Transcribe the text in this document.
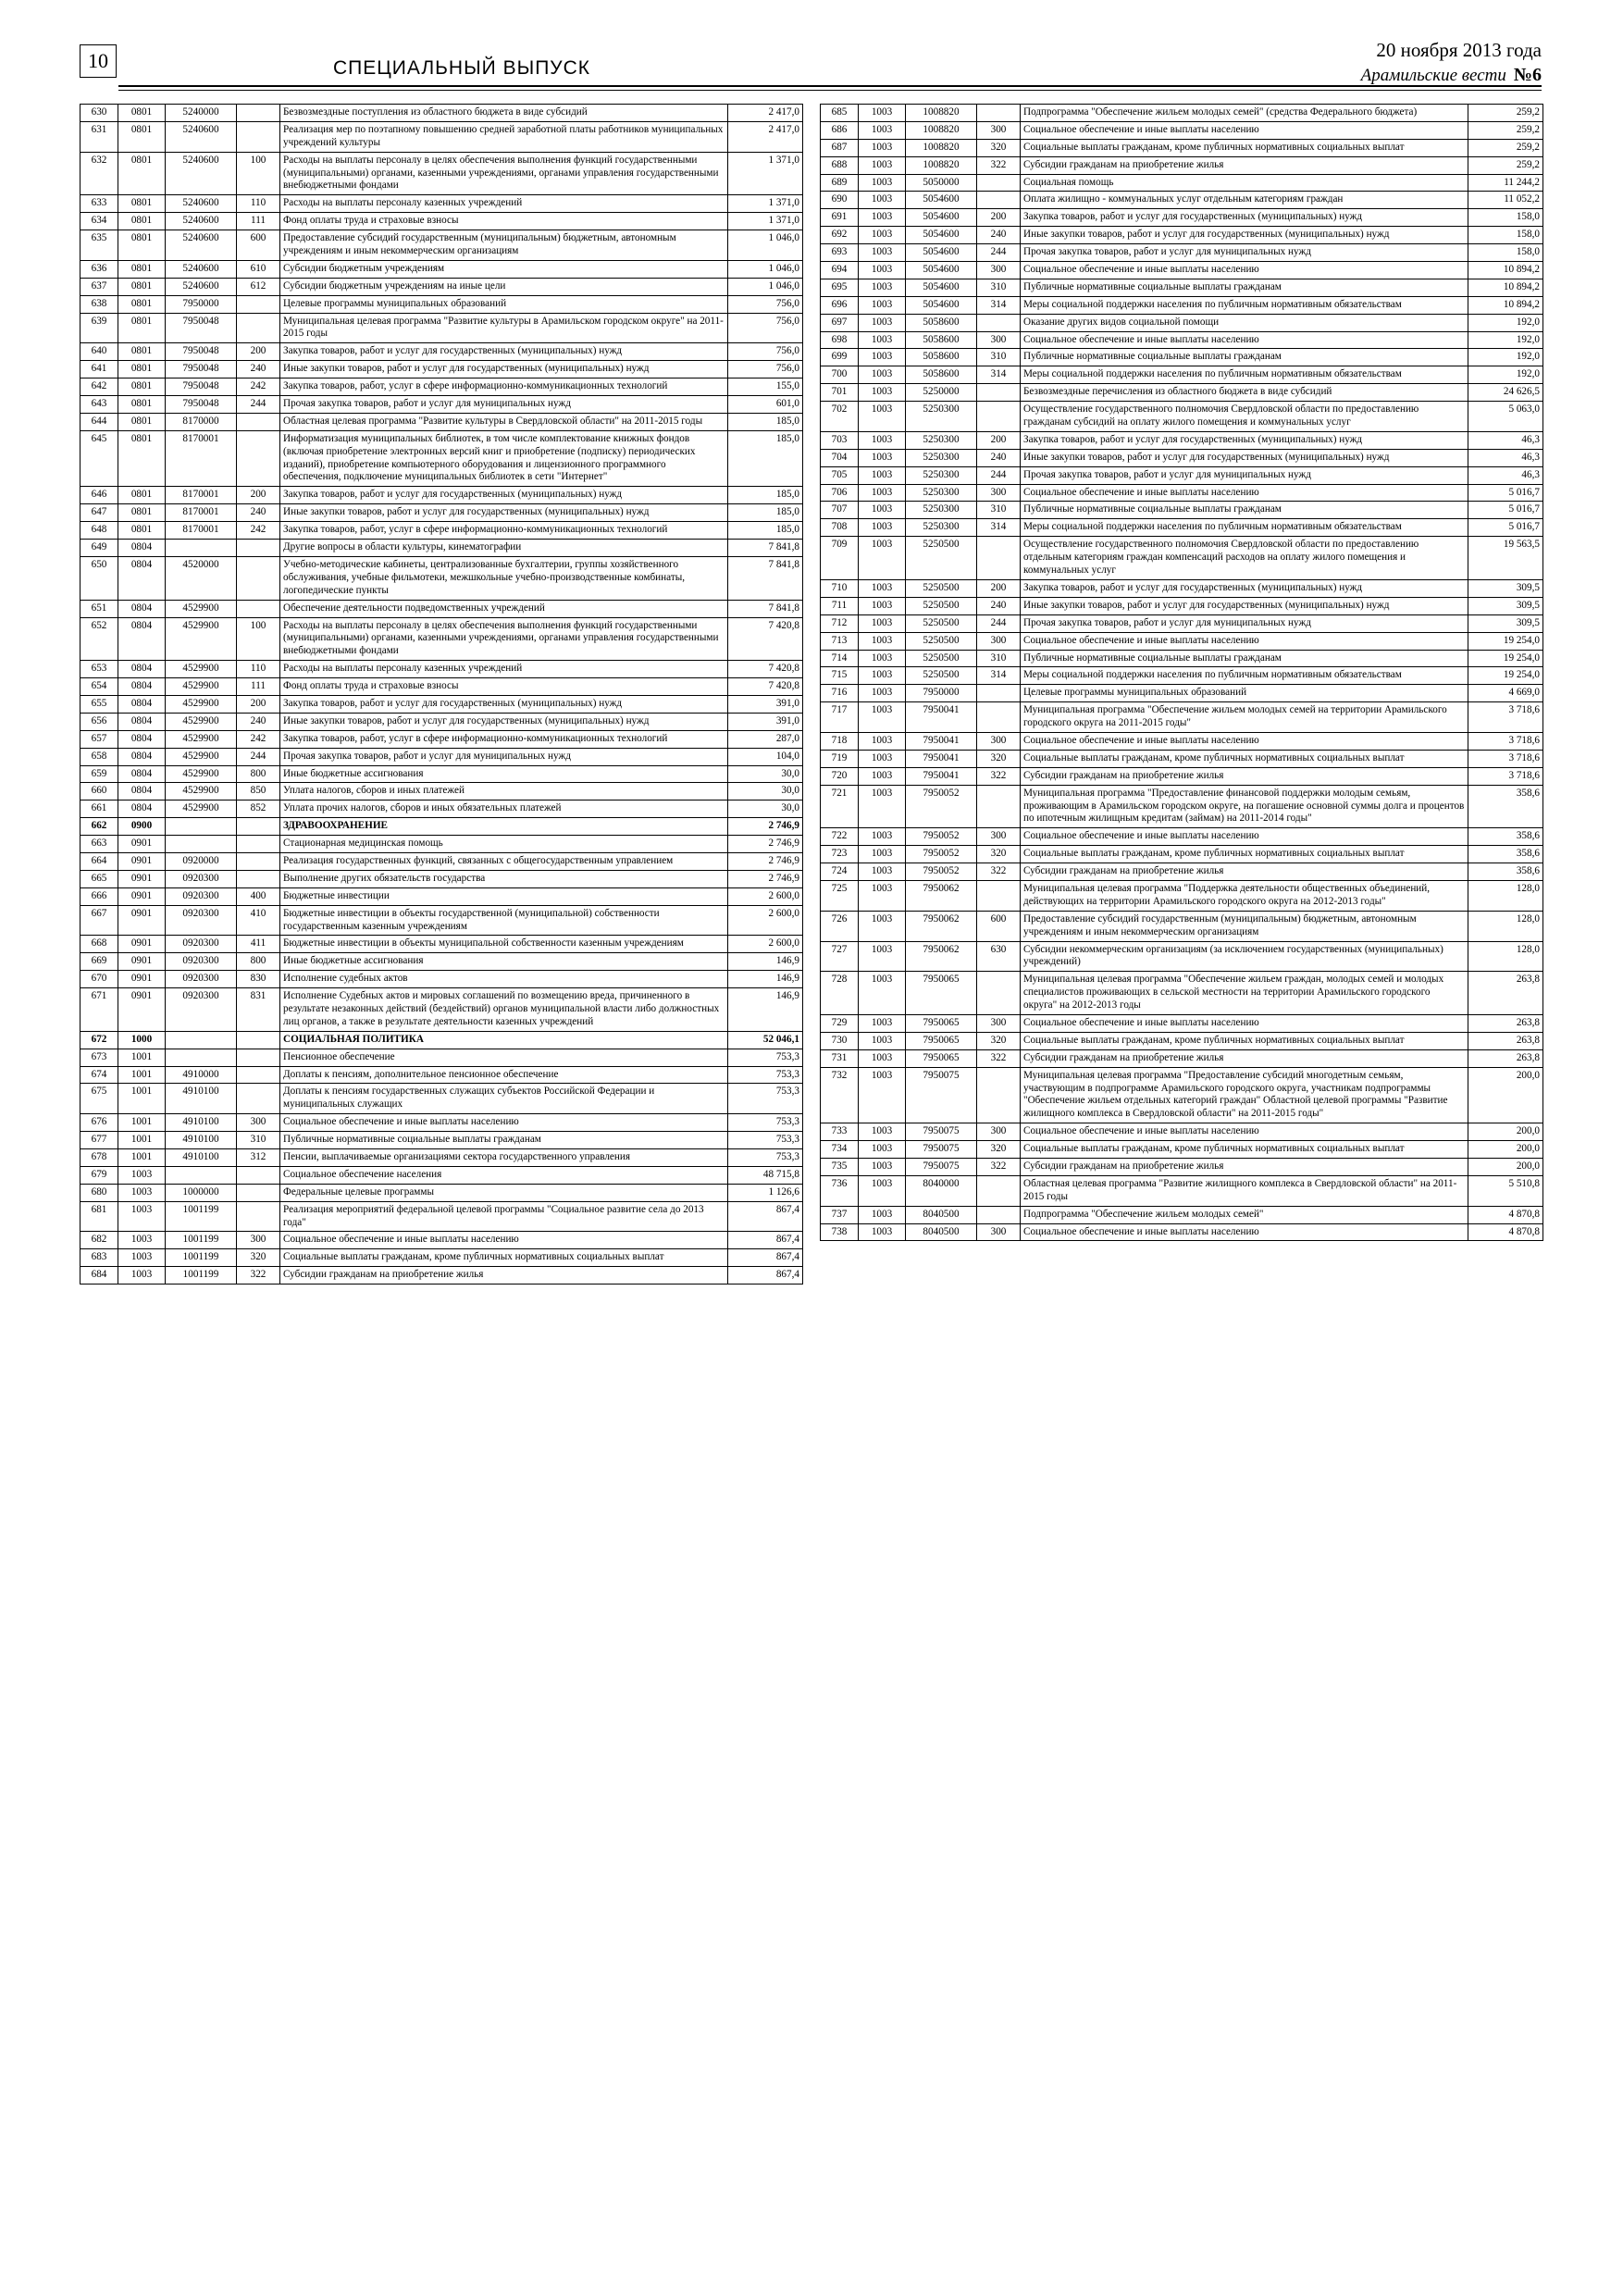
10	СПЕЦИАЛЬНЫЙ ВЫПУСК
20 ноября 2013 года
Арамильские вести №6
630	0801	5240000		Безвозмездные поступления из областного бюджета в виде субсидий	2 417,0
631	0801	5240600		Реализация мер по поэтапному повышению средней заработной платы работников муниципальных учреждений культуры	2 417,0
632	0801	5240600	100	Расходы на выплаты персоналу в целях обеспечения выполнения функций государственными (муниципальными) органами, казенными учреждениями, органами управления государственными внебюджетными фондами	1 371,0
633	0801	5240600	110	Расходы на выплаты персоналу казенных учреждений	1 371,0
634	0801	5240600	111	Фонд оплаты труда и страховые взносы	1 371,0
635	0801	5240600	600	Предоставление субсидий государственным (муниципальным) бюджетным, автономным учреждениям и иным некоммерческим организациям	1 046,0
636	0801	5240600	610	Субсидии бюджетным учреждениям	1 046,0
637	0801	5240600	612	Субсидии бюджетным учреждениям на иные цели	1 046,0
638	0801	7950000		Целевые программы муниципальных образований	756,0
639	0801	7950048		Муниципальная целевая программа "Развитие культуры в Арамильском городском округе" на 2011-2015 годы	756,0
640	0801	7950048	200	Закупка товаров, работ и услуг для государственных (муниципальных) нужд	756,0
641	0801	7950048	240	Иные закупки товаров, работ и услуг для государственных (муниципальных) нужд	756,0
642	0801	7950048	242	Закупка товаров, работ, услуг в сфере информационно-коммуникационных технологий	155,0
643	0801	7950048	244	Прочая закупка товаров, работ и услуг для муниципальных нужд	601,0
644	0801	8170000		Областная целевая программа "Развитие культуры в Свердловской области" на 2011-2015 годы	185,0
645	0801	8170001		Информатизация муниципальных библиотек, в том числе комплектование книжных фондов (включая приобретение электронных версий книг и приобретение (подписку) периодических изданий), приобретение компьютерного оборудования и лицензионного программного обеспечения, подключение муниципальных библиотек в сети "Интернет"	185,0
646	0801	8170001	200	Закупка товаров, работ и услуг для государственных (муниципальных) нужд	185,0
647	0801	8170001	240	Иные закупки товаров, работ и услуг для государственных (муниципальных) нужд	185,0
648	0801	8170001	242	Закупка товаров, работ, услуг в сфере информационно-коммуникационных технологий	185,0
649	0804			Другие вопросы в области культуры, кинематографии	7 841,8
650	0804	4520000		Учебно-методические кабинеты, централизованные бухгалтерии, группы хозяйственного обслуживания, учебные фильмотеки, межшкольные учебно-производственные комбинаты, логопедические пункты	7 841,8
651	0804	4529900		Обеспечение деятельности подведомственных учреждений	7 841,8
652	0804	4529900	100	Расходы на выплаты персоналу в целях обеспечения выполнения функций государственными (муниципальными) органами, казенными учреждениями, органами управления государственными внебюджетными фондами	7 420,8
653	0804	4529900	110	Расходы на выплаты персоналу казенных учреждений	7 420,8
654	0804	4529900	111	Фонд оплаты труда и страховые взносы	7 420,8
655	0804	4529900	200	Закупка товаров, работ и услуг для государственных (муниципальных) нужд	391,0
656	0804	4529900	240	Иные закупки товаров, работ и услуг для государственных (муниципальных) нужд	391,0
657	0804	4529900	242	Закупка товаров, работ, услуг в сфере информационно-коммуникационных технологий	287,0
658	0804	4529900	244	Прочая закупка товаров, работ и услуг для муниципальных нужд	104,0
659	0804	4529900	800	Иные бюджетные ассигнования	30,0
660	0804	4529900	850	Уплата налогов, сборов и иных платежей	30,0
661	0804	4529900	852	Уплата прочих налогов, сборов и иных обязательных платежей	30,0
662	0900			ЗДРАВООХРАНЕНИЕ	2 746,9
663	0901			Стационарная медицинская помощь	2 746,9
664	0901	0920000		Реализация государственных функций, связанных с общегосударственным управлением	2 746,9
665	0901	0920300		Выполнение других обязательств государства	2 746,9
666	0901	0920300	400	Бюджетные инвестиции	2 600,0
667	0901	0920300	410	Бюджетные инвестиции в объекты государственной (муниципальной) собственности государственным казенным учреждениям	2 600,0
668	0901	0920300	411	Бюджетные инвестиции в объекты муниципальной собственности казенным учреждениям	2 600,0
669	0901	0920300	800	Иные бюджетные ассигнования	146,9
670	0901	0920300	830	Исполнение судебных актов	146,9
671	0901	0920300	831	Исполнение Судебных актов и мировых соглашений по возмещению вреда, причиненного в результате незаконных действий (бездействий) органов муниципальной власти либо должностных лиц органов, а также в результате деятельности казенных учреждений	146,9
672	1000			СОЦИАЛЬНАЯ ПОЛИТИКА	52 046,1
673	1001			Пенсионное обеспечение	753,3
674	1001	4910000		Доплаты к пенсиям, дополнительное пенсионное обеспечение	753,3
675	1001	4910100		Доплаты к пенсиям государственных служащих субъектов Российской Федерации и муниципальных служащих	753,3
676	1001	4910100	300	Социальное обеспечение и иные выплаты населению	753,3
677	1001	4910100	310	Публичные нормативные социальные выплаты гражданам	753,3
678	1001	4910100	312	Пенсии, выплачиваемые организациями сектора государственного управления	753,3
679	1003			Социальное обеспечение населения	48 715,8
680	1003	1000000		Федеральные целевые программы	1 126,6
681	1003	1001199		Реализация мероприятий федеральной целевой программы "Социальное развитие села до 2013 года"	867,4
682	1003	1001199	300	Социальное обеспечение и иные выплаты населению	867,4
683	1003	1001199	320	Социальные выплаты гражданам, кроме публичных нормативных социальных выплат	867,4
684	1003	1001199	322	Субсидии гражданам на приобретение жилья	867,4
685	1003	1008820		Подпрограмма "Обеспечение жильем молодых семей" (средства Федерального бюджета)	259,2
686	1003	1008820	300	Социальное обеспечение и иные выплаты населению	259,2
687	1003	1008820	320	Социальные выплаты гражданам, кроме публичных нормативных социальных выплат	259,2
688	1003	1008820	322	Субсидии гражданам на приобретение жилья	259,2
689	1003	5050000		Социальная помощь	11 244,2
690	1003	5054600		Оплата жилищно - коммунальных услуг отдельным категориям граждан	11 052,2
691	1003	5054600	200	Закупка товаров, работ и услуг для государственных (муниципальных) нужд	158,0
692	1003	5054600	240	Иные закупки товаров, работ и услуг для государственных (муниципальных) нужд	158,0
693	1003	5054600	244	Прочая закупка товаров, работ и услуг для муниципальных нужд	158,0
694	1003	5054600	300	Социальное обеспечение и иные выплаты населению	10 894,2
695	1003	5054600	310	Публичные нормативные социальные выплаты гражданам	10 894,2
696	1003	5054600	314	Меры социальной поддержки населения по публичным нормативным обязательствам	10 894,2
697	1003	5058600		Оказание других видов социальной помощи	192,0
698	1003	5058600	300	Социальное обеспечение и иные выплаты населению	192,0
699	1003	5058600	310	Публичные нормативные социальные выплаты гражданам	192,0
700	1003	5058600	314	Меры социальной поддержки населения по публичным нормативным обязательствам	192,0
701	1003	5250000		Безвозмездные перечисления из областного бюджета в виде субсидий	24 626,5
702	1003	5250300		Осуществление государственного полномочия Свердловской области по предоставлению гражданам субсидий на оплату жилого помещения и коммунальных услуг	5 063,0
703	1003	5250300	200	Закупка товаров, работ и услуг для государственных (муниципальных) нужд	46,3
704	1003	5250300	240	Иные закупки товаров, работ и услуг для государственных (муниципальных) нужд	46,3
705	1003	5250300	244	Прочая закупка товаров, работ и услуг для муниципальных нужд	46,3
706	1003	5250300	300	Социальное обеспечение и иные выплаты населению	5 016,7
707	1003	5250300	310	Публичные нормативные социальные выплаты гражданам	5 016,7
708	1003	5250300	314	Меры социальной поддержки населения по публичным нормативным обязательствам	5 016,7
709	1003	5250500		Осуществление государственного полномочия Свердловской области по предоставлению отдельным категориям граждан компенсаций расходов на оплату жилого помещения и коммунальных услуг	19 563,5
710	1003	5250500	200	Закупка товаров, работ и услуг для государственных (муниципальных) нужд	309,5
711	1003	5250500	240	Иные закупки товаров, работ и услуг для государственных (муниципальных) нужд	309,5
712	1003	5250500	244	Прочая закупка товаров, работ и услуг для муниципальных нужд	309,5
713	1003	5250500	300	Социальное обеспечение и иные выплаты населению	19 254,0
714	1003	5250500	310	Публичные нормативные социальные выплаты гражданам	19 254,0
715	1003	5250500	314	Меры социальной поддержки населения по публичным нормативным обязательствам	19 254,0
716	1003	7950000		Целевые программы муниципальных образований	4 669,0
717	1003	7950041		Муниципальная программа "Обеспечение жильем молодых семей на территории Арамильского городского округа на 2011-2015 годы"	3 718,6
718	1003	7950041	300	Социальное обеспечение и иные выплаты населению	3 718,6
719	1003	7950041	320	Социальные выплаты гражданам, кроме публичных нормативных социальных выплат	3 718,6
720	1003	7950041	322	Субсидии гражданам на приобретение жилья	3 718,6
721	1003	7950052		Муниципальная программа "Предоставление финансовой поддержки молодым семьям, проживающим в Арамильском городском округе, на погашение основной суммы долга и процентов по ипотечным жилищным кредитам (займам) на 2011-2014 годы"	358,6
722	1003	7950052	300	Социальное обеспечение и иные выплаты населению	358,6
723	1003	7950052	320	Социальные выплаты гражданам, кроме публичных нормативных социальных выплат	358,6
724	1003	7950052	322	Субсидии гражданам на приобретение жилья	358,6
725	1003	7950062		Муниципальная целевая программа "Поддержка деятельности общественных объединений, действующих на территории Арамильского городского округа на 2012-2013 годы"	128,0
726	1003	7950062	600	Предоставление субсидий государственным (муниципальным) бюджетным, автономным учреждениям и иным некоммерческим организациям	128,0
727	1003	7950062	630	Субсидии некоммерческим организациям (за исключением государственных (муниципальных) учреждений)	128,0
728	1003	7950065		Муниципальная целевая программа "Обеспечение жильем граждан, молодых семей и молодых специалистов проживающих в сельской местности на территории Арамильского городского округа" на 2012-2013 годы	263,8
729	1003	7950065	300	Социальное обеспечение и иные выплаты населению	263,8
730	1003	7950065	320	Социальные выплаты гражданам, кроме публичных нормативных социальных выплат	263,8
731	1003	7950065	322	Субсидии гражданам на приобретение жилья	263,8
732	1003	7950075		Муниципальная целевая программа "Предоставление субсидий многодетным семьям, участвующим в подпрограмме Арамильского городского округа, участникам подпрограммы "Обеспечение жильем отдельных категорий граждан" Областной целевой программы "Развитие жилищного комплекса в Свердловской области" на 2011-2015 годы"	200,0
733	1003	7950075	300	Социальное обеспечение и иные выплаты населению	200,0
734	1003	7950075	320	Социальные выплаты гражданам, кроме публичных нормативных социальных выплат	200,0
735	1003	7950075	322	Субсидии гражданам на приобретение жилья	200,0
736	1003	8040000		Областная целевая программа "Развитие жилищного комплекса в Свердловской области" на 2011-2015 годы	5 510,8
737	1003	8040500		Подпрограмма "Обеспечение жильем молодых семей"	4 870,8
738	1003	8040500	300	Социальное обеспечение и иные выплаты населению	4 870,8
